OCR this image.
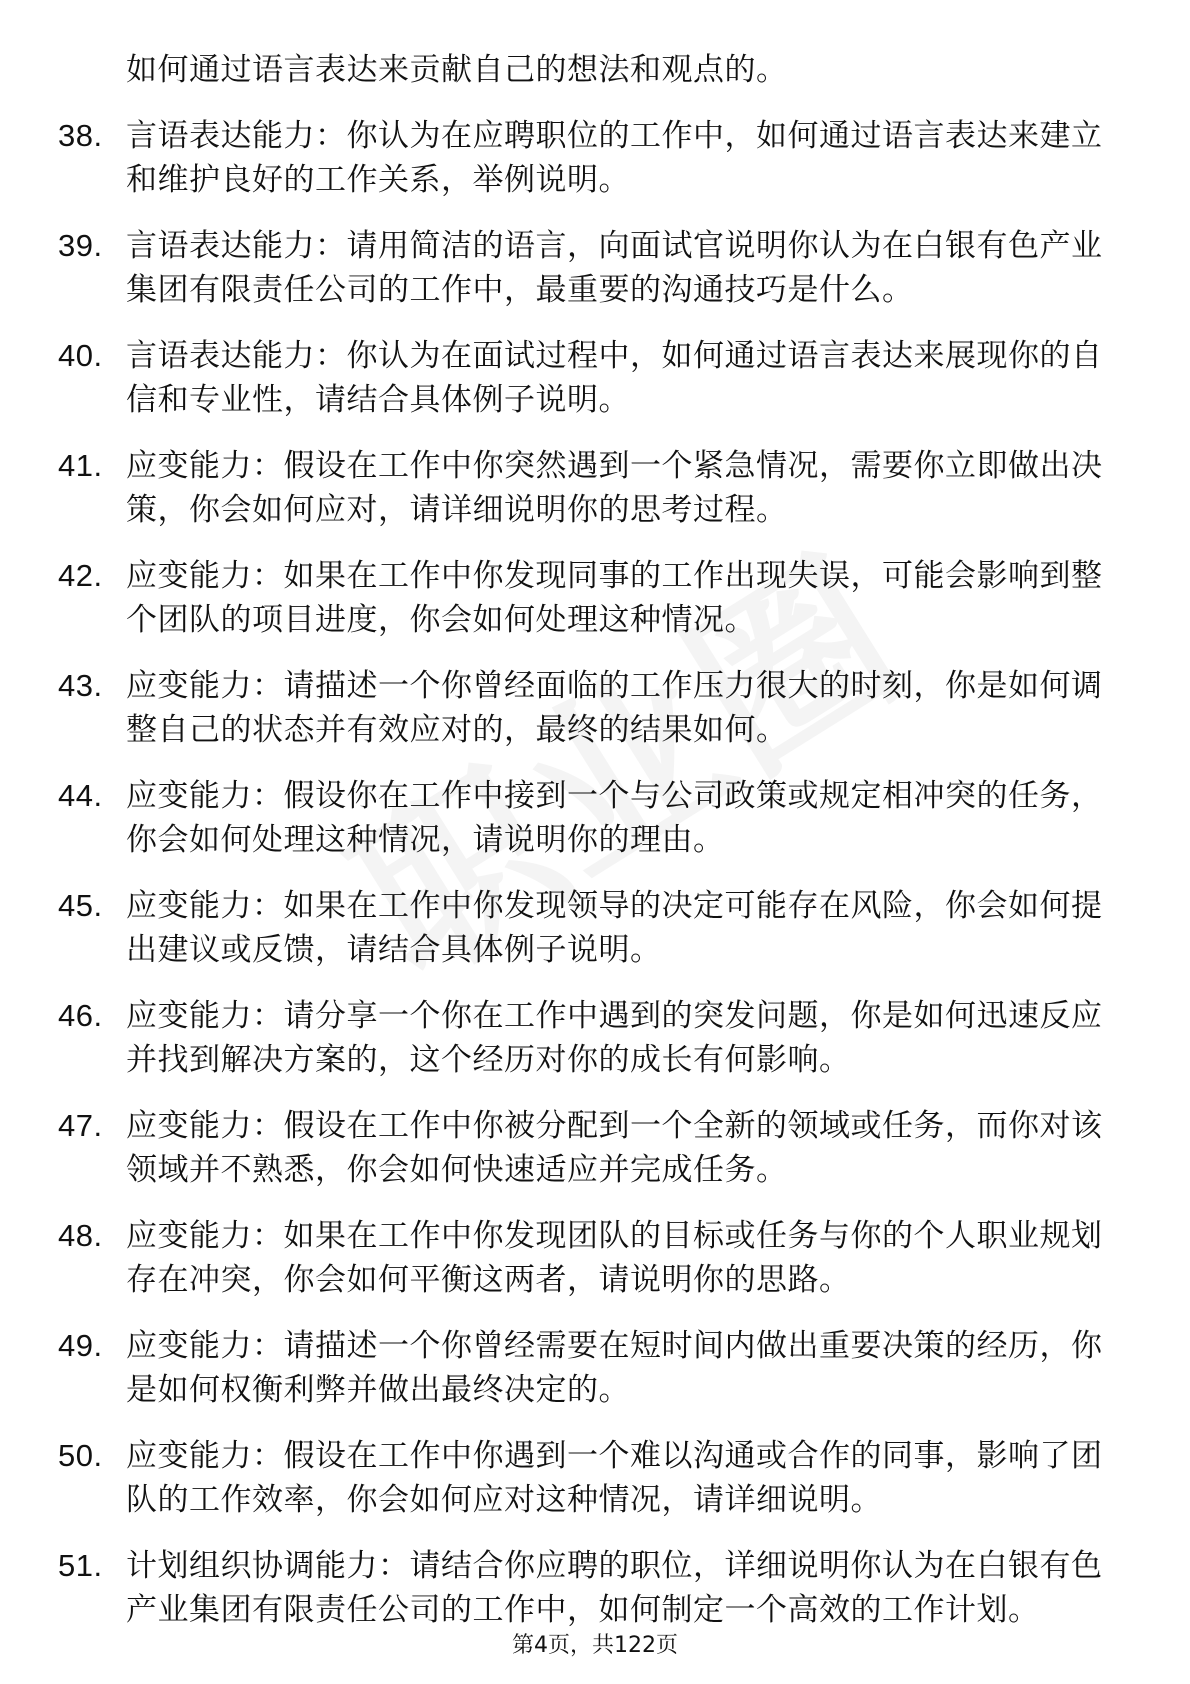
如何通过语言表达来贡献自己的想法和观点的。
38. 言语表达能力：你认为在应聘职位的工作中，如何通过语言表达来建立和维护良好的工作关系，举例说明。
39. 言语表达能力：请用简洁的语言，向面试官说明你认为在白银有色产业集团有限责任公司的工作中，最重要的沟通技巧是什么。
40. 言语表达能力：你认为在面试过程中，如何通过语言表达来展现你的自信和专业性，请结合具体例子说明。
41. 应变能力：假设在工作中你突然遇到一个紧急情况，需要你立即做出决策，你会如何应对，请详细说明你的思考过程。
42. 应变能力：如果在工作中你发现同事的工作出现失误，可能会影响到整个团队的项目进度，你会如何处理这种情况。
43. 应变能力：请描述一个你曾经面临的工作压力很大的时刻，你是如何调整自己的状态并有效应对的，最终的结果如何。
44. 应变能力：假设你在工作中接到一个与公司政策或规定相冲突的任务，你会如何处理这种情况，请说明你的理由。
45. 应变能力：如果在工作中你发现领导的决定可能存在风险，你会如何提出建议或反馈，请结合具体例子说明。
46. 应变能力：请分享一个你在工作中遇到的突发问题，你是如何迅速反应并找到解决方案的，这个经历对你的成长有何影响。
47. 应变能力：假设在工作中你被分配到一个全新的领域或任务，而你对该领域并不熟悉，你会如何快速适应并完成任务。
48. 应变能力：如果在工作中你发现团队的目标或任务与你的个人职业规划存在冲突，你会如何平衡这两者，请说明你的思路。
49. 应变能力：请描述一个你曾经需要在短时间内做出重要决策的经历，你是如何权衡利弊并做出最终决定的。
50. 应变能力：假设在工作中你遇到一个难以沟通或合作的同事，影响了团队的工作效率，你会如何应对这种情况，请详细说明。
51. 计划组织协调能力：请结合你应聘的职位，详细说明你认为在白银有色产业集团有限责任公司的工作中，如何制定一个高效的工作计划。
第4页，共122页
